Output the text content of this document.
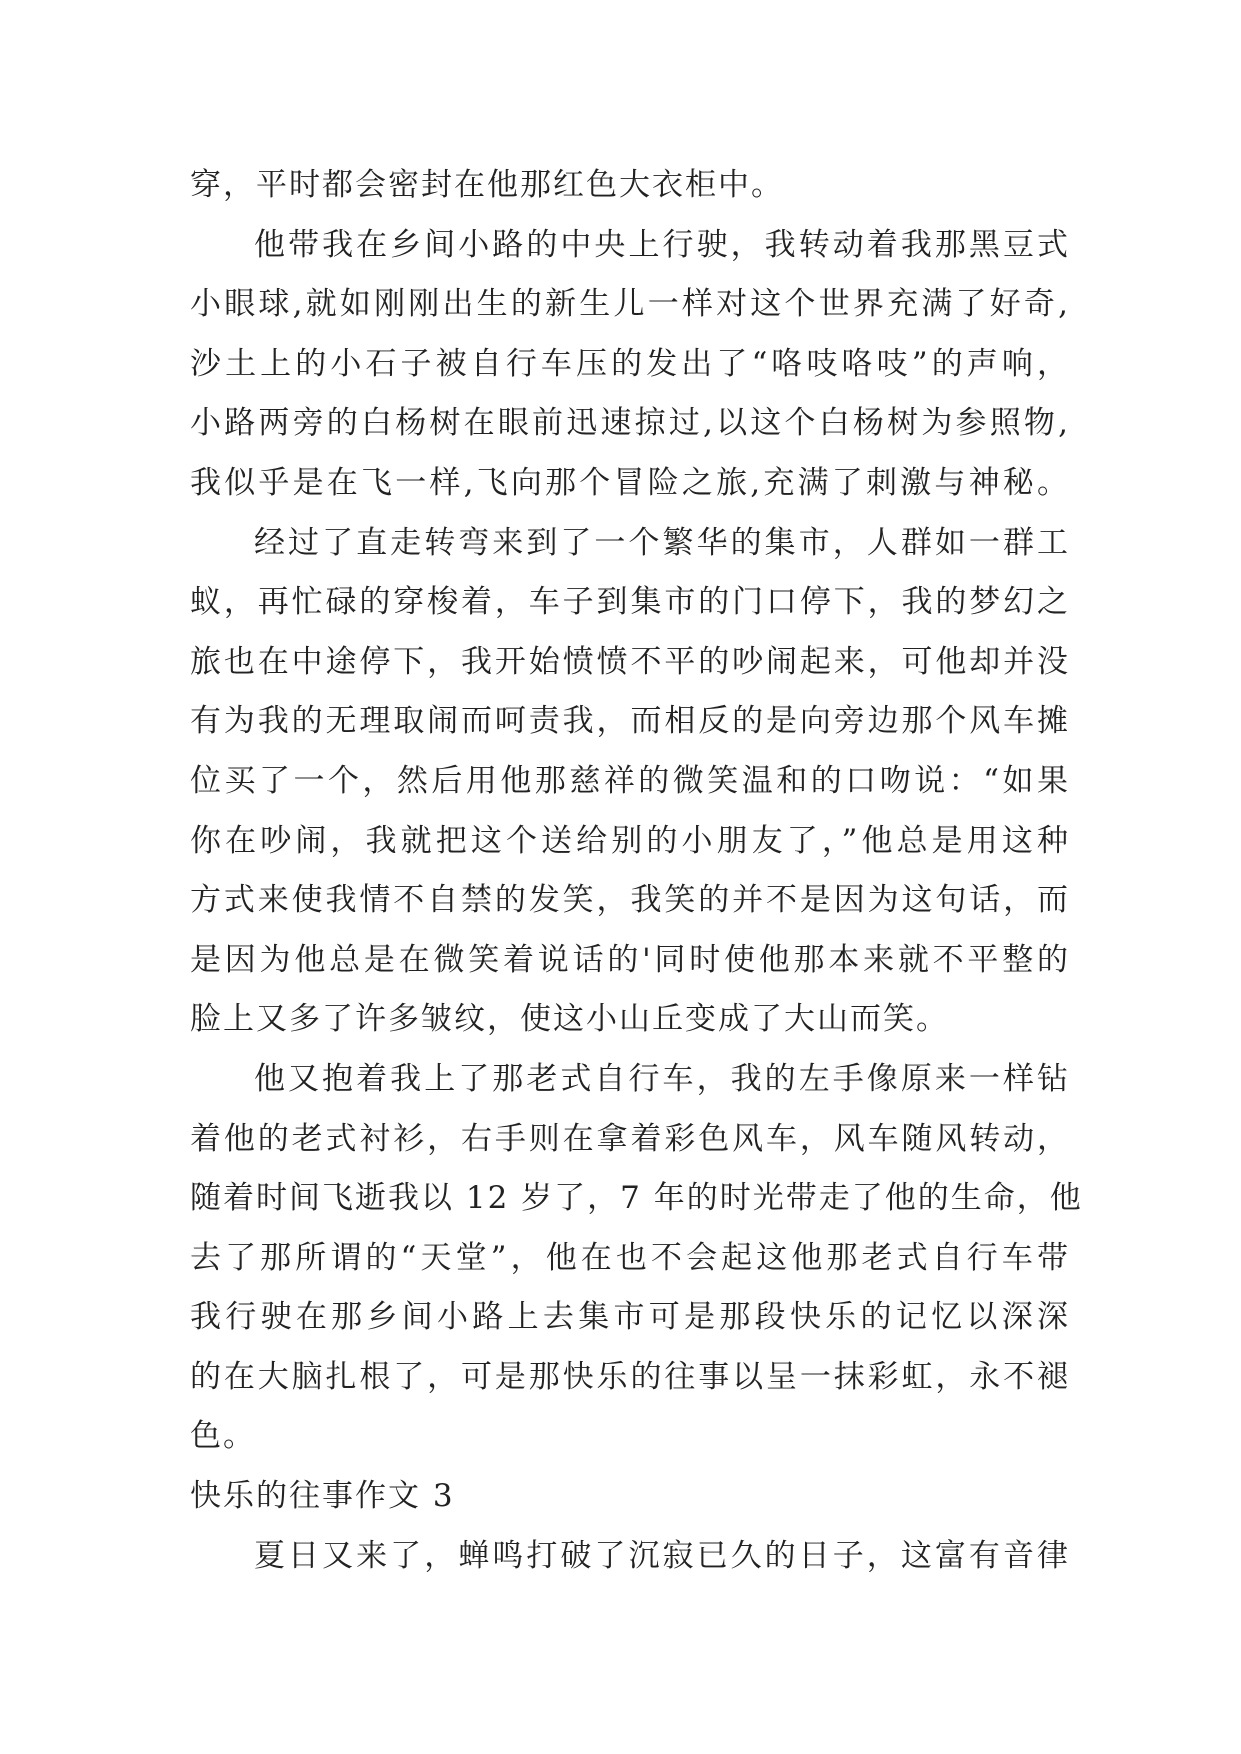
穿，平时都会密封在他那红色大衣柜中。
他带我在乡间小路的中央上行驶，我转动着我那黑豆式
小眼球,就如刚刚出生的新生儿一样对这个世界充满了好奇,
沙土上的小石子被自行车压的发出了“咯吱咯吱”的声响，
小路两旁的白杨树在眼前迅速掠过,以这个白杨树为参照物,
我似乎是在飞一样,飞向那个冒险之旅,充满了刺激与神秘。
经过了直走转弯来到了一个繁华的集市，人群如一群工
蚁，再忙碌的穿梭着，车子到集市的门口停下，我的梦幻之
旅也在中途停下，我开始愤愤不平的吵闹起来，可他却并没
有为我的无理取闹而呵责我，而相反的是向旁边那个风车摊
位买了一个，然后用他那慈祥的微笑温和的口吻说：“如果
你在吵闹，我就把这个送给别的小朋友了，”他总是用这种
方式来使我情不自禁的发笑，我笑的并不是因为这句话，而
是因为他总是在微笑着说话的'同时使他那本来就不平整的
脸上又多了许多皱纹，使这小山丘变成了大山而笑。
他又抱着我上了那老式自行车，我的左手像原来一样钻
着他的老式衬衫，右手则在拿着彩色风车，风车随风转动，
随着时间飞逝我以 12 岁了，7 年的时光带走了他的生命，他
去了那所谓的“天堂”，他在也不会起这他那老式自行车带
我行驶在那乡间小路上去集市可是那段快乐的记忆以深深
的在大脑扎根了，可是那快乐的往事以呈一抹彩虹，永不褪
色。
快乐的往事作文 3
夏日又来了，蝉鸣打破了沉寂已久的日子，这富有音律
